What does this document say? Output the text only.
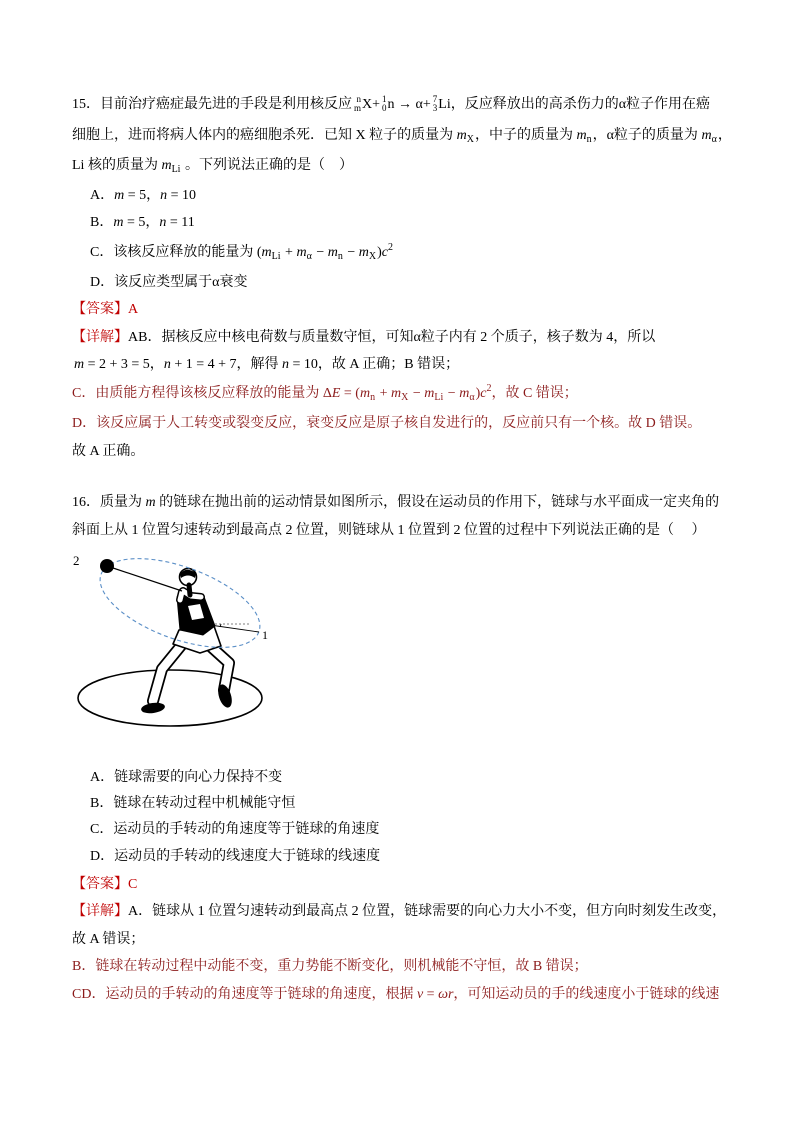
15．目前治疗癌症最先进的手段是利用核反应 n
m X+ 1
0 n → α+ 7
3 Li，反应释放出的高杀伤力的α粒子作用在癌
细胞上，进而将病人体内的癌细胞杀死．已知 X 粒子的质量为 $m_X$，中子的质量为 $m_n$，α粒子的质量为 $m_\alpha$，
Li 核的质量为 $m_{Li}$ 。下列说法正确的是（　）
A．m = 5，n = 10
B．m = 5，n = 11
C．该核反应释放的能量为 $(m_{Li} + m_\alpha - m_n - m_X)c^2$
D．该反应类型属于α衰变
【答案】A
【详解】AB．据核反应中核电荷数与质量数守恒，可知α粒子内有 2 个质子，核子数为 4，所以
m = 2 + 3 = 5，n + 1 = 4 + 7，解得 n = 10，故 A 正确；B 错误；
C．由质能方程得该核反应释放的能量为 $\Delta E = (m_n + m_X - m_{Li} - m_\alpha)c^2$，故 C 错误；
D．该反应属于人工转变或裂变反应，衰变反应是原子核自发进行的，反应前只有一个核。故 D 错误。
故 A 正确。
16．质量为 m 的链球在抛出前的运动情景如图所示，假设在运动员的作用下，链球与水平面成一定夹角的
斜面上从 1 位置匀速转动到最高点 2 位置，则链球从 1 位置到 2 位置的过程中下列说法正确的是（　 ）
θ
2
1
A．链球需要的向心力保持不变
B．链球在转动过程中机械能守恒
C．运动员的手转动的角速度等于链球的角速度
D．运动员的手转动的线速度大于链球的线速度
【答案】C
【详解】A．链球从 1 位置匀速转动到最高点 2 位置，链球需要的向心力大小不变，但方向时刻发生改变，
故 A 错误；
B．链球在转动过程中动能不变，重力势能不断变化，则机械能不守恒，故 B 错误；
CD．运动员的手转动的角速度等于链球的角速度，根据 v = ωr，可知运动员的手的线速度小于链球的线速
